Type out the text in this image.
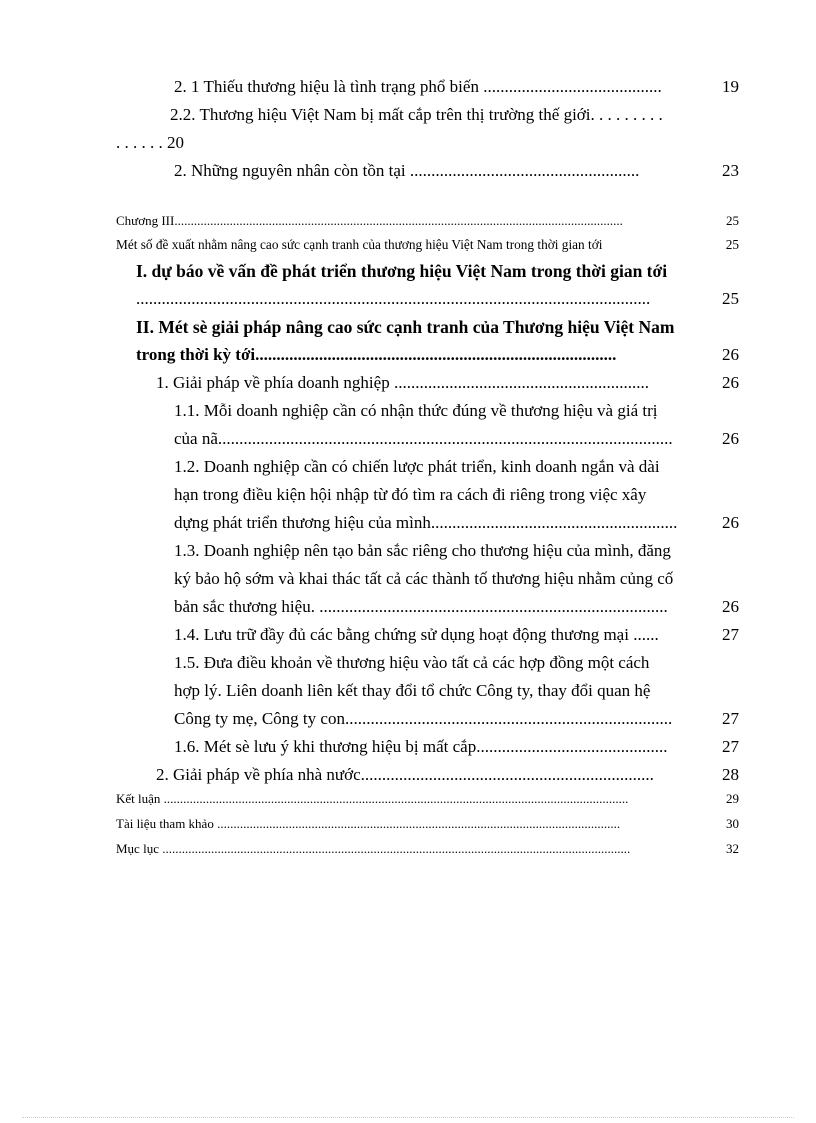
2. 1 Thiếu thương hiệu là tình trạng phổ biến ..........................................	19
2.2. Thương hiệu Việt Nam bị mất cắp trên thị trường thế giới. . . . . . . . .
. . . . . . 20
2. Những nguyên nhân còn tồn tại ......................................................	23
Chương III..........................................................................................................................................	25
Mét số đề xuất nhằm nâng cao sức cạnh tranh của thương hiệu Việt Nam trong thời gian tới	25
I. dự báo về vấn đề phát triển thương hiệu Việt Nam trong thời gian tới
.........................................................................................................................	25
II. Mét sè giải pháp nâng cao sức cạnh tranh của Thương hiệu Việt Nam
trong thời kỳ tới.....................................................................................	26
1. Giải pháp về phía doanh nghiệp ............................................................	26
1.1. Mỗi doanh nghiệp cần có nhận thức đúng về thương hiệu và giá trị
của nã...........................................................................................................	26
1.2. Doanh nghiệp cần có chiến lược phát triển, kinh doanh ngắn và dài
hạn trong điều kiện hội nhập từ đó tìm ra cách đi riêng trong việc xây
dựng phát triển thương hiệu của mình..........................................................	26
1.3. Doanh nghiệp nên tạo bản sắc riêng cho thương hiệu của mình, đăng
ký bảo hộ sớm và khai thác tất cả các thành tố thương hiệu nhằm củng cố
bản sắc thương hiệu. ..................................................................................	26
1.4. Lưu trữ đầy đủ các bằng chứng sử dụng hoạt động thương mại ......	27
1.5. Đưa điều khoản về thương hiệu vào tất cả các hợp đồng một cách
hợp lý. Liên doanh liên kết thay đổi tổ chức Công ty, thay đổi quan hệ
Công ty mẹ, Công ty con.............................................................................	27
1.6. Mét sè lưu ý khi thương hiệu bị mất cắp.............................................	27
2. Giải pháp về phía nhà nước.....................................................................	28
Kết luận ...............................................................................................................................................	29
Tài liệu tham khảo ............................................................................................................................	30
Mục lục ................................................................................................................................................	32
